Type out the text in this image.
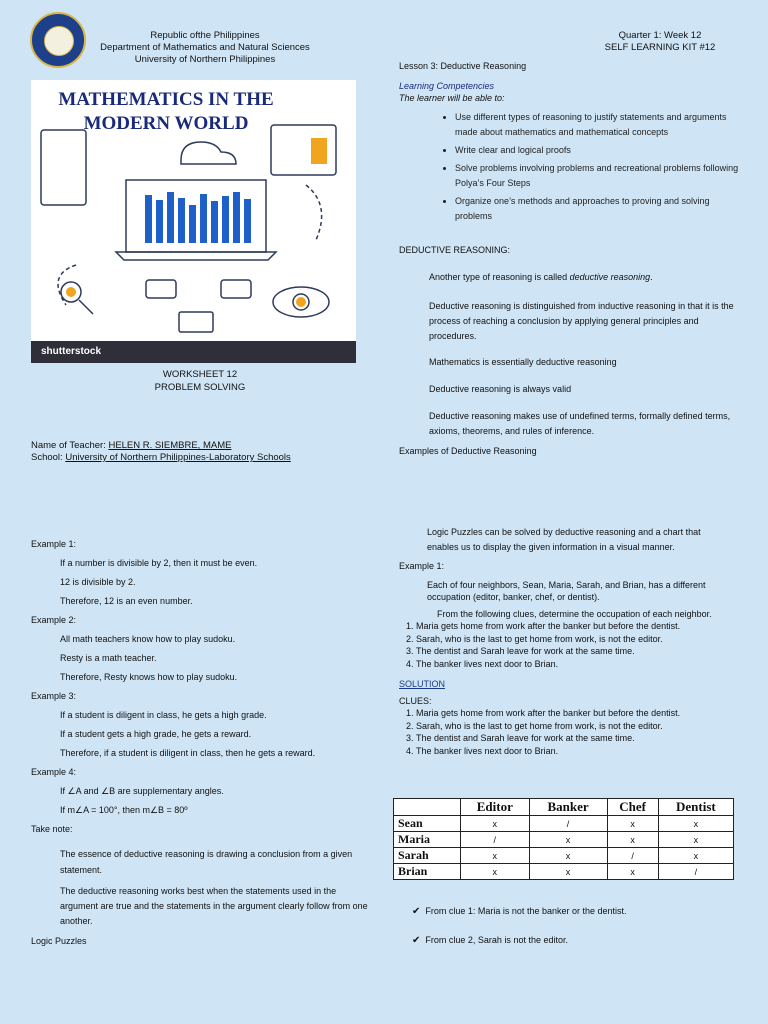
Republic ofthe Philippines
Department of Mathematics and Natural Sciences
University of Northern Philippines
Quarter 1: Week 12
SELF LEARNING KIT #12
MATHEMATICS IN THE MODERN WORLD
shutterstock
WORKSHEET 12
PROBLEM SOLVING
Name of Teacher: HELEN R. SIEMBRE, MAME
School: University of Northern Philippines-Laboratory Schools
Example 1:
If a number is divisible by 2, then it must be even.
12 is divisible by 2.
Therefore, 12 is an even number.
Example 2:
All math teachers know how to play sudoku.
Resty is a math teacher.
Therefore, Resty knows how to play sudoku.
Example 3:
If a student is diligent in class, he gets a high grade.
If a student gets a high grade, he gets a reward.
Therefore, if a student is diligent in class, then he gets a reward.
Example 4:
If ∠A and ∠B are supplementary angles.
If m∠A = 100°, then m∠B = 80º
Take note:
The essence of deductive reasoning is drawing a conclusion from a given statement.
The deductive reasoning works best when the statements used in the argument are true and the statements in the argument clearly follow from one another.
Logic Puzzles
Lesson 3: Deductive Reasoning
Learning Competencies
The learner will be able to:
• Use different types of reasoning to justify statements and arguments made about mathematics and mathematical concepts
• Write clear and logical proofs
• Solve problems involving problems and recreational problems following Polya’s Four Steps
• Organize one’s methods and approaches to proving and solving problems
DEDUCTIVE REASONING:

Another type of reasoning is called deductive reasoning.

Deductive reasoning is distinguished from inductive reasoning in that it is the process of reaching a conclusion by applying general principles and procedures.

Mathematics is essentially deductive reasoning

Deductive reasoning is always valid

Deductive reasoning makes use of undefined terms, formally defined terms, axioms, theorems, and rules of inference.

Examples of Deductive Reasoning
Logic Puzzles can be solved by deductive reasoning and a chart that enables us to display the given information in a visual manner.
Example 1:
Each of four neighbors, Sean, Maria, Sarah, and Brian, has a different occupation (editor, banker, chef, or dentist).
From the following clues, determine the occupation of each neighbor.
1. Maria gets home from work after the banker but before the dentist.
2. Sarah, who is the last to get home from work, is not the editor.
3. The dentist and Sarah leave for work at the same time.
4. The banker lives next door to Brian.
SOLUTION
CLUES:
1. Maria gets home from work after the banker but before the dentist.
2. Sarah, who is the last to get home from work, is not the editor.
3. The dentist and Sarah leave for work at the same time.
4. The banker lives next door to Brian.
	Editor	Banker	Chef	Dentist
Sean	x	/	x	x
Maria	/	x	x	x
Sarah	x	x	/	x
Brian	x	x	x	/
✔ From clue 1: Maria is not the banker or the dentist.
✔ From clue 2, Sarah is not the editor.
